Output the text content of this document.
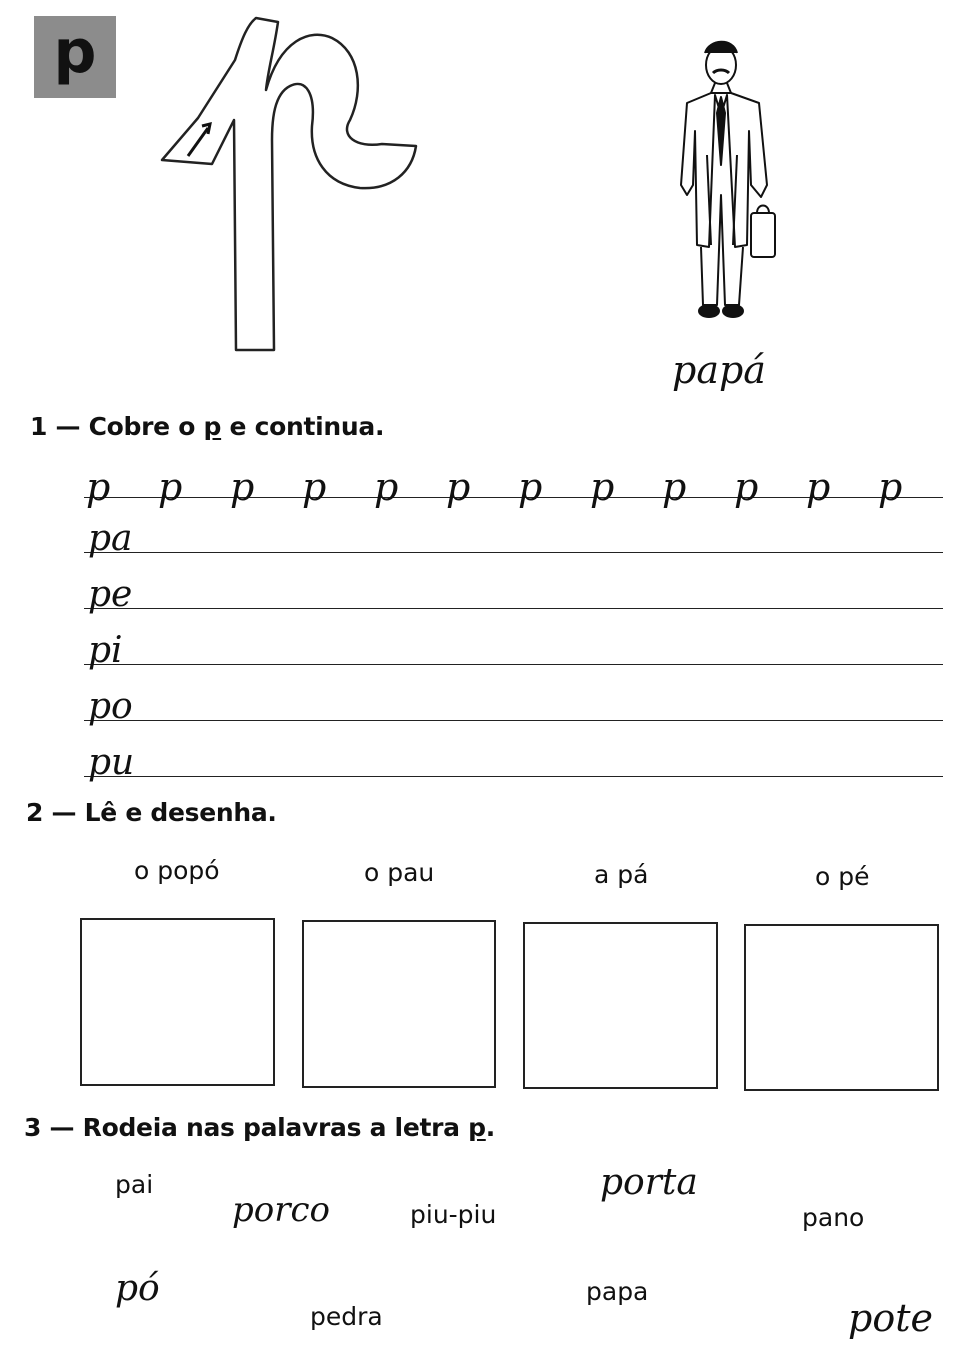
p
papá
1 — Cobre o p e continua.
p p p p p p p p p p p p
pa
pe
pi
po
pu
2 — Lê e desenha.
o popó	o pau	a pá	o pé
3 — Rodeia nas palavras a letra p.
pai
porco	piu-piu
porta
pano
pó
pedra
papa
pote
